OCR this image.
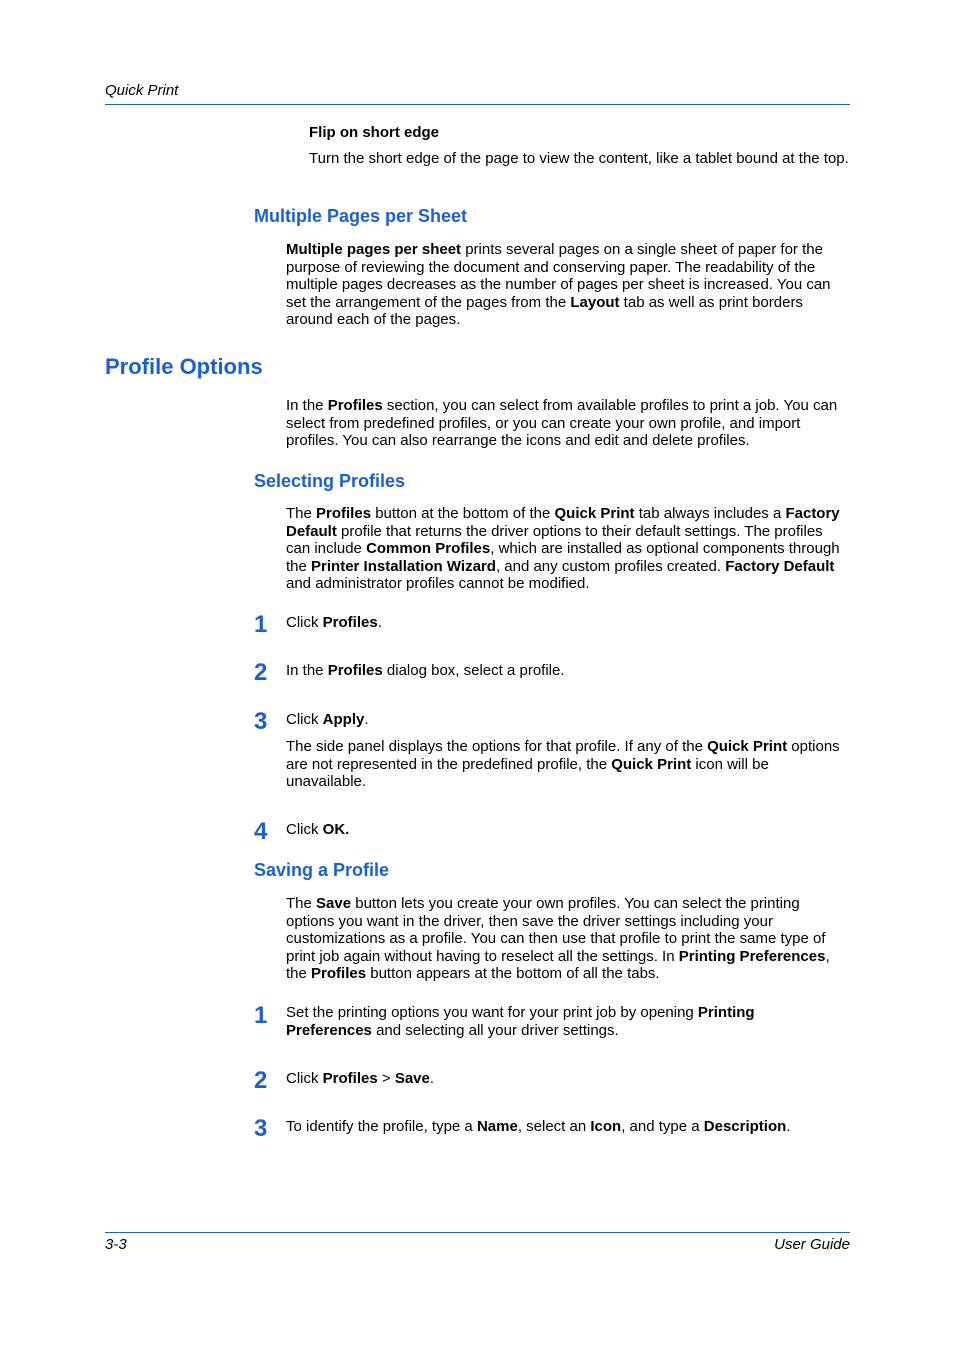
Quick Print
Flip on short edge
Turn the short edge of the page to view the content, like a tablet bound at the top.
Multiple Pages per Sheet
Multiple pages per sheet prints several pages on a single sheet of paper for the purpose of reviewing the document and conserving paper. The readability of the multiple pages decreases as the number of pages per sheet is increased. You can set the arrangement of the pages from the Layout tab as well as print borders around each of the pages.
Profile Options
In the Profiles section, you can select from available profiles to print a job. You can select from predefined profiles, or you can create your own profile, and import profiles. You can also rearrange the icons and edit and delete profiles.
Selecting Profiles
The Profiles button at the bottom of the Quick Print tab always includes a Factory Default profile that returns the driver options to their default settings. The profiles can include Common Profiles, which are installed as optional components through the Printer Installation Wizard, and any custom profiles created. Factory Default and administrator profiles cannot be modified.
1 Click Profiles.
2 In the Profiles dialog box, select a profile.
3 Click Apply.
The side panel displays the options for that profile. If any of the Quick Print options are not represented in the predefined profile, the Quick Print icon will be unavailable.
4 Click OK.
Saving a Profile
The Save button lets you create your own profiles. You can select the printing options you want in the driver, then save the driver settings including your customizations as a profile. You can then use that profile to print the same type of print job again without having to reselect all the settings. In Printing Preferences, the Profiles button appears at the bottom of all the tabs.
1 Set the printing options you want for your print job by opening Printing Preferences and selecting all your driver settings.
2 Click Profiles > Save.
3 To identify the profile, type a Name, select an Icon, and type a Description.
3-3	User Guide
